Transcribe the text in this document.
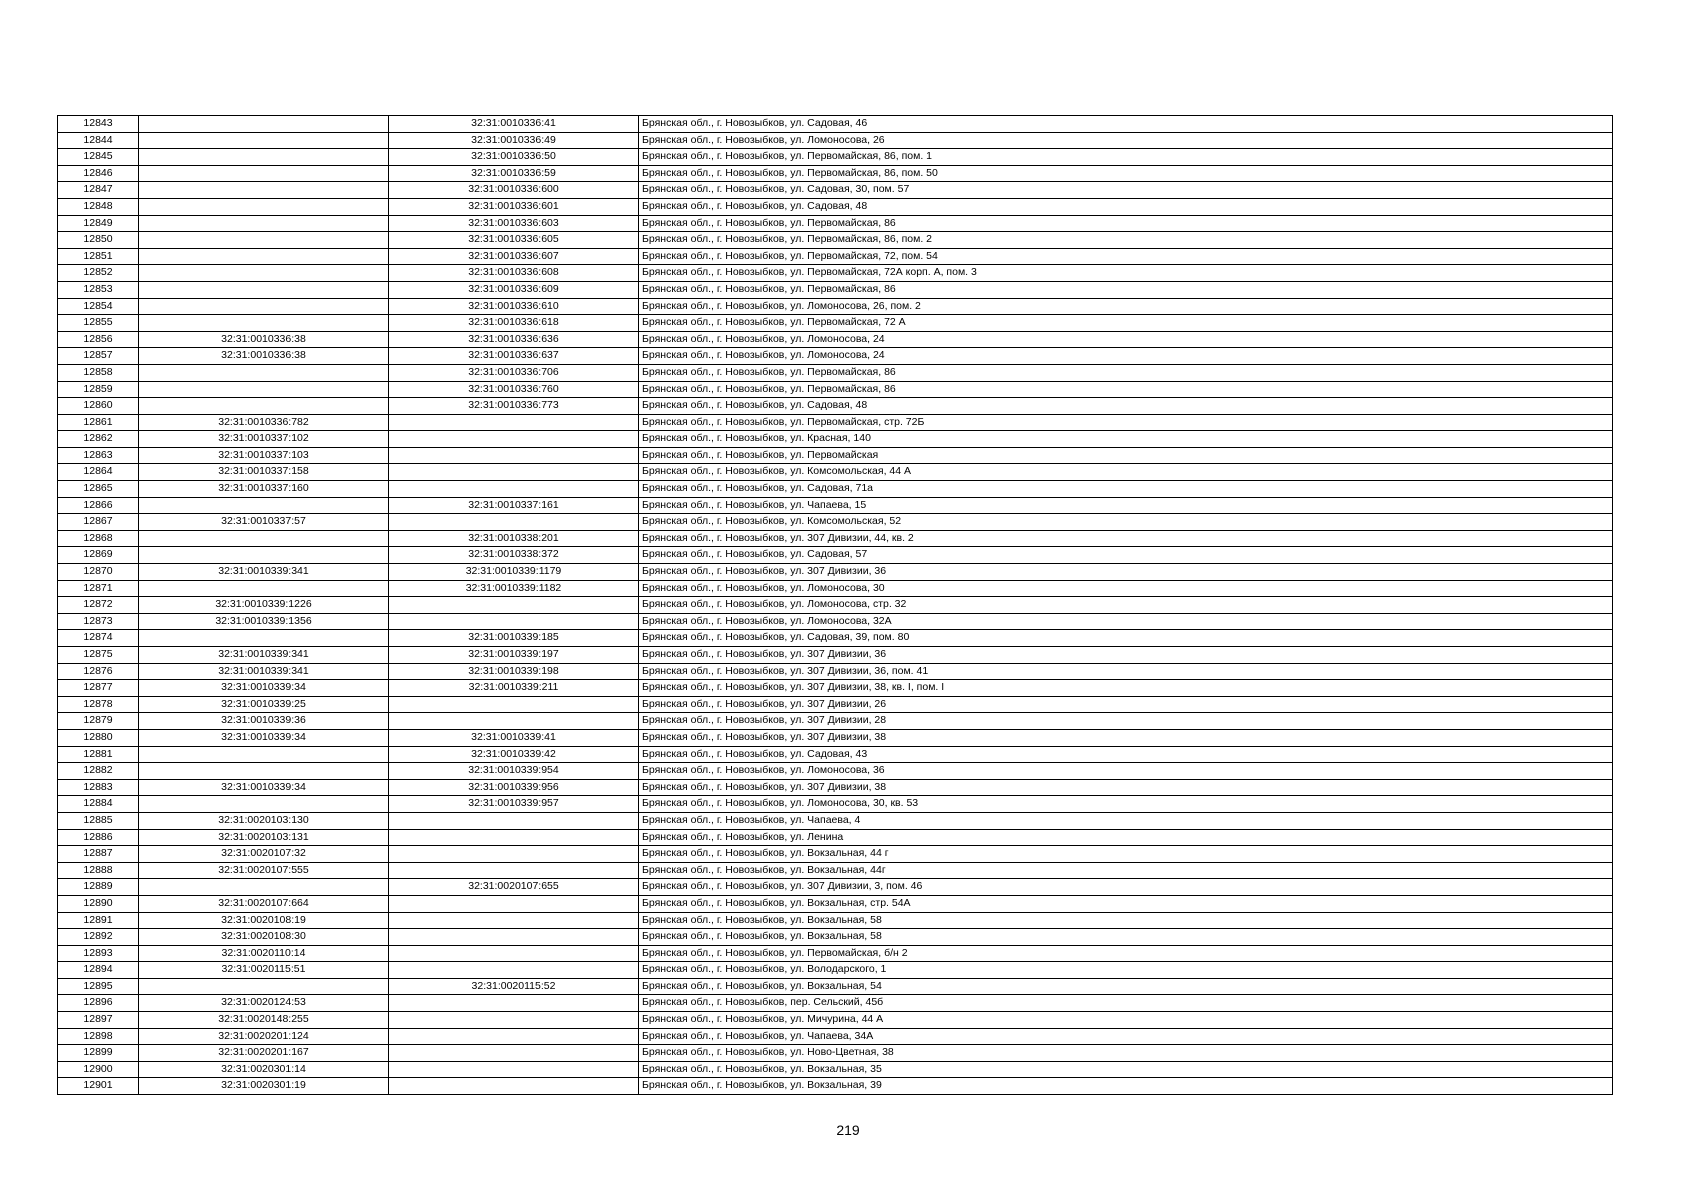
12843		32:31:0010336:41	Брянская обл., г. Новозыбков, ул. Садовая, 46
12844		32:31:0010336:49	Брянская обл., г. Новозыбков, ул. Ломоносова, 26
12845		32:31:0010336:50	Брянская обл., г. Новозыбков, ул. Первомайская, 86, пом. 1
12846		32:31:0010336:59	Брянская обл., г. Новозыбков, ул. Первомайская, 86, пом. 50
12847		32:31:0010336:600	Брянская обл., г. Новозыбков, ул. Садовая, 30, пом. 57
12848		32:31:0010336:601	Брянская обл., г. Новозыбков, ул. Садовая, 48
12849		32:31:0010336:603	Брянская обл., г. Новозыбков, ул. Первомайская, 86
12850		32:31:0010336:605	Брянская обл., г. Новозыбков, ул. Первомайская, 86, пом. 2
12851		32:31:0010336:607	Брянская обл., г. Новозыбков, ул. Первомайская, 72, пом. 54
12852		32:31:0010336:608	Брянская обл., г. Новозыбков, ул. Первомайская, 72А корп. А, пом. 3
12853		32:31:0010336:609	Брянская обл., г. Новозыбков, ул. Первомайская, 86
12854		32:31:0010336:610	Брянская обл., г. Новозыбков, ул. Ломоносова, 26, пом. 2
12855		32:31:0010336:618	Брянская обл., г. Новозыбков, ул. Первомайская, 72 А
12856	32:31:0010336:38	32:31:0010336:636	Брянская обл., г. Новозыбков, ул. Ломоносова, 24
12857	32:31:0010336:38	32:31:0010336:637	Брянская обл., г. Новозыбков, ул. Ломоносова, 24
12858		32:31:0010336:706	Брянская обл., г. Новозыбков, ул. Первомайская, 86
12859		32:31:0010336:760	Брянская обл., г. Новозыбков, ул. Первомайская, 86
12860		32:31:0010336:773	Брянская обл., г. Новозыбков, ул. Садовая, 48
12861	32:31:0010336:782		Брянская обл., г. Новозыбков, ул. Первомайская, стр. 72Б
12862	32:31:0010337:102		Брянская обл., г. Новозыбков, ул. Красная, 140
12863	32:31:0010337:103		Брянская обл., г. Новозыбков, ул. Первомайская
12864	32:31:0010337:158		Брянская обл., г. Новозыбков, ул. Комсомольская, 44 А
12865	32:31:0010337:160		Брянская обл., г. Новозыбков, ул. Садовая, 71а
12866		32:31:0010337:161	Брянская обл., г. Новозыбков, ул. Чапаева, 15
12867	32:31:0010337:57		Брянская обл., г. Новозыбков, ул. Комсомольская, 52
12868		32:31:0010338:201	Брянская обл., г. Новозыбков, ул. 307 Дивизии, 44, кв. 2
12869		32:31:0010338:372	Брянская обл., г. Новозыбков, ул. Садовая, 57
12870	32:31:0010339:341	32:31:0010339:1179	Брянская обл., г. Новозыбков, ул. 307 Дивизии, 36
12871		32:31:0010339:1182	Брянская обл., г. Новозыбков, ул. Ломоносова, 30
12872	32:31:0010339:1226		Брянская обл., г. Новозыбков, ул. Ломоносова, стр. 32
12873	32:31:0010339:1356		Брянская обл., г. Новозыбков, ул. Ломоносова, 32А
12874		32:31:0010339:185	Брянская обл., г. Новозыбков, ул. Садовая, 39, пом. 80
12875	32:31:0010339:341	32:31:0010339:197	Брянская обл., г. Новозыбков, ул. 307 Дивизии, 36
12876	32:31:0010339:341	32:31:0010339:198	Брянская обл., г. Новозыбков, ул. 307 Дивизии, 36, пом. 41
12877	32:31:0010339:34	32:31:0010339:211	Брянская обл., г. Новозыбков, ул. 307 Дивизии, 38, кв. I, пом. I
12878	32:31:0010339:25		Брянская обл., г. Новозыбков, ул. 307 Дивизии, 26
12879	32:31:0010339:36		Брянская обл., г. Новозыбков, ул. 307 Дивизии, 28
12880	32:31:0010339:34	32:31:0010339:41	Брянская обл., г. Новозыбков, ул. 307 Дивизии, 38
12881		32:31:0010339:42	Брянская обл., г. Новозыбков, ул. Садовая, 43
12882		32:31:0010339:954	Брянская обл., г. Новозыбков, ул. Ломоносова, 36
12883	32:31:0010339:34	32:31:0010339:956	Брянская обл., г. Новозыбков, ул. 307 Дивизии, 38
12884		32:31:0010339:957	Брянская обл., г. Новозыбков, ул. Ломоносова, 30, кв. 53
12885	32:31:0020103:130		Брянская обл., г. Новозыбков, ул. Чапаева, 4
12886	32:31:0020103:131		Брянская обл., г. Новозыбков, ул. Ленина
12887	32:31:0020107:32		Брянская обл., г. Новозыбков, ул. Вокзальная, 44 г
12888	32:31:0020107:555		Брянская обл., г. Новозыбков, ул. Вокзальная, 44г
12889		32:31:0020107:655	Брянская обл., г. Новозыбков, ул. 307 Дивизии, 3, пом. 46
12890	32:31:0020107:664		Брянская обл., г. Новозыбков, ул. Вокзальная, стр. 54А
12891	32:31:0020108:19		Брянская обл., г. Новозыбков, ул. Вокзальная, 58
12892	32:31:0020108:30		Брянская обл., г. Новозыбков, ул. Вокзальная, 58
12893	32:31:0020110:14		Брянская обл., г. Новозыбков, ул. Первомайская, б/н 2
12894	32:31:0020115:51		Брянская обл., г. Новозыбков, ул. Володарского, 1
12895		32:31:0020115:52	Брянская обл., г. Новозыбков, ул. Вокзальная, 54
12896	32:31:0020124:53		Брянская обл., г. Новозыбков, пер. Сельский, 45б
12897	32:31:0020148:255		Брянская обл., г. Новозыбков, ул. Мичурина, 44 А
12898	32:31:0020201:124		Брянская обл., г. Новозыбков, ул. Чапаева, 34А
12899	32:31:0020201:167		Брянская обл., г. Новозыбков, ул. Ново-Цветная, 38
12900	32:31:0020301:14		Брянская обл., г. Новозыбков, ул. Вокзальная, 35
12901	32:31:0020301:19		Брянская обл., г. Новозыбков, ул. Вокзальная, 39
219
